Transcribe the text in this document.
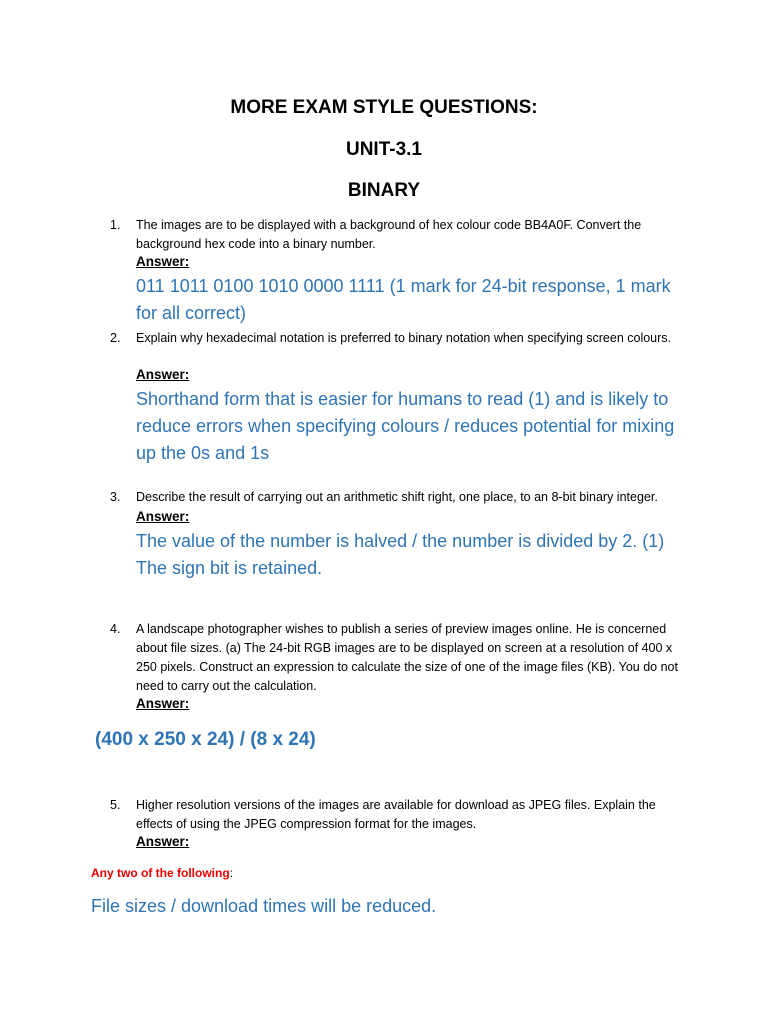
MORE EXAM STYLE QUESTIONS:
UNIT-3.1
BINARY
1. The images are to be displayed with a background of hex colour code BB4A0F. Convert the background hex code into a binary number.
Answer:
011 1011 0100 1010 0000 1111 (1 mark for 24-bit response, 1 mark for all correct)
2. Explain why hexadecimal notation is preferred to binary notation when specifying screen colours.
Answer:
Shorthand form that is easier for humans to read (1) and is likely to reduce errors when specifying colours / reduces potential for mixing up the 0s and 1s
3. Describe the result of carrying out an arithmetic shift right, one place, to an 8-bit binary integer.
Answer:
The value of the number is halved / the number is divided by 2. (1) The sign bit is retained.
4. A landscape photographer wishes to publish a series of preview images online. He is concerned about file sizes. (a) The 24-bit RGB images are to be displayed on screen at a resolution of 400 x 250 pixels. Construct an expression to calculate the size of one of the image files (KB). You do not need to carry out the calculation.
Answer:
(400 x 250 x 24) / (8 x 24)
5. Higher resolution versions of the images are available for download as JPEG files. Explain the effects of using the JPEG compression format for the images.
Answer:
Any two of the following:
File sizes / download times will be reduced.
